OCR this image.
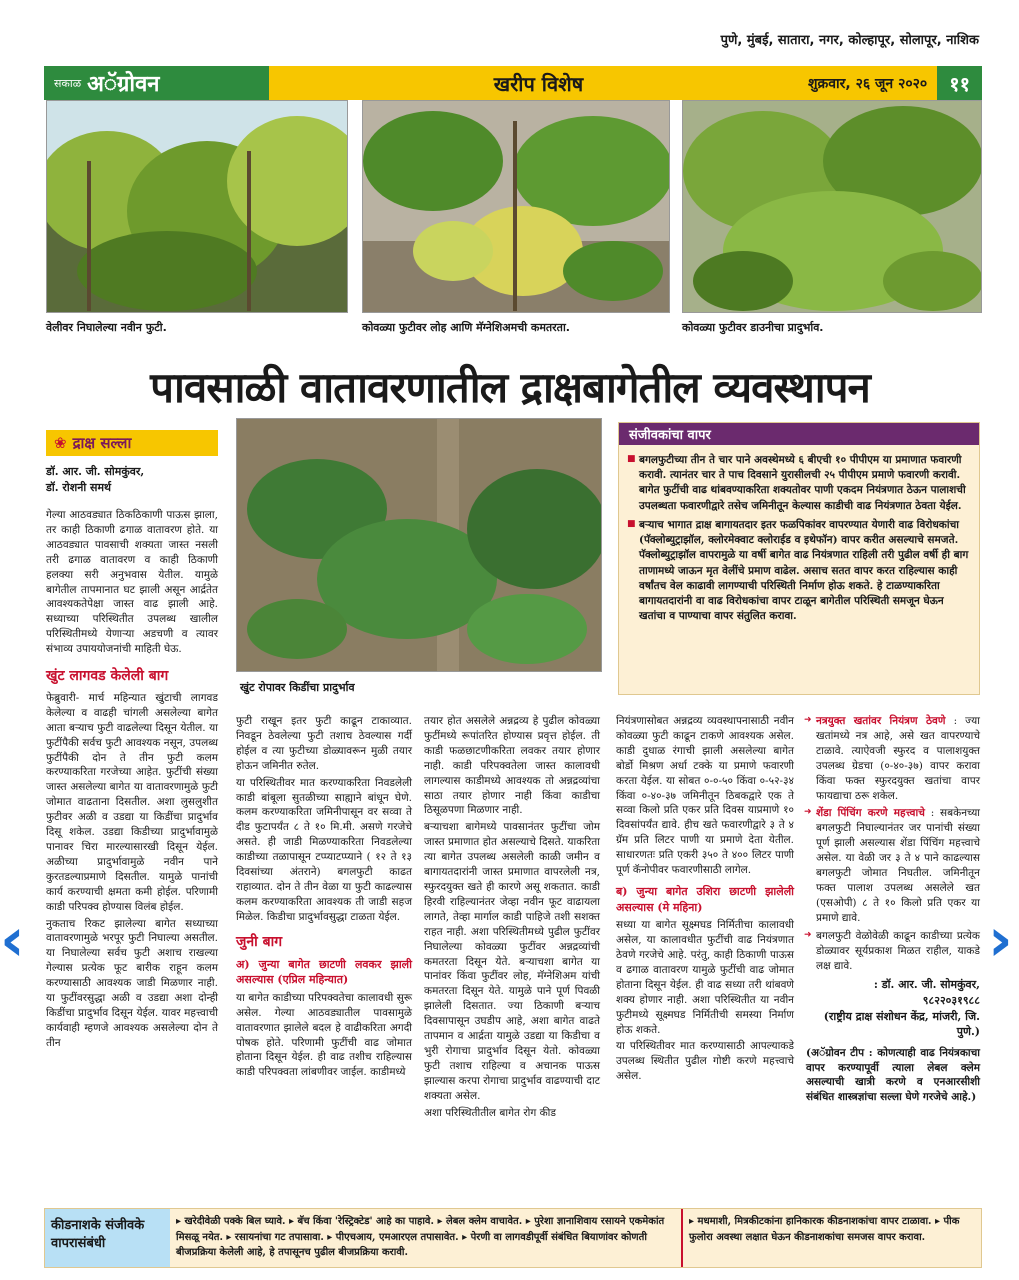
पुणे, मुंबई, सातारा, नगर, कोल्हापूर, सोलापूर, नाशिक
सकाळ अॅग्रोवन	खरीप विशेष	शुक्रवार, २६ जून २०२०	११
वेलीवर निघालेल्या नवीन फुटी.	कोवळ्या फुटीवर लोह आणि मॅग्नेशिअमची कमतरता.	कोवळ्या फुटीवर डाउनीचा प्रादुर्भाव.
पावसाळी वातावरणातील द्राक्षबागेतील व्यवस्थापन
❀ द्राक्ष सल्ला
डॉ. आर. जी. सोमकुंवर,
डॉ. रोशनी समर्थ

गेल्या आठवड्यात ठिकठिकाणी पाऊस झाला, तर काही ठिकाणी ढगाळ वातावरण होते. या आठवड्यात पावसाची शक्यता जास्त नसली तरी ढगाळ वातावरण व काही ठिकाणी हलक्या सरी अनुभवास येतील. यामुळे बागेतील तापमानात घट झाली असून आर्द्रतेत आवश्यकतेपेक्षा जास्त वाढ झाली आहे. सध्याच्या परिस्थितीत उपलब्ध खालील परिस्थितीमध्ये येणाऱ्या अडचणी व त्यावर संभाव्य उपाययोजनांची माहिती घेऊ.

खुंट लागवड केलेली बाग

फेब्रुवारी- मार्च महिन्यात खुंटाची लागवड केलेल्या व वाढही चांगली असलेल्या बागेत आता बऱ्याच फुटी वाढलेल्या दिसून येतील. या फुटींपैकी सर्वच फुटी आवश्यक नसून, उपलब्ध फुटींपैकी दोन ते तीन फुटी कलम करण्याकरिता गरजेच्या आहेत. फुटींची संख्या जास्त असलेल्या बागेत या वातावरणामुळे फुटी जोमात वाढताना दिसतील. अशा लुसलुशीत फुटीवर अळी व उडद्या या किडींचा प्रादुर्भाव दिसू शकेल. उडद्या किडीच्या प्रादुर्भावामुळे पानावर चिरा मारल्यासारखी दिसून येईल. अळीच्या प्रादुर्भावामुळे नवीन पाने कुरतडल्याप्रमाणे दिसतील. यामुळे पानांची कार्य करण्याची क्षमता कमी होईल. परिणामी काडी परिपक्व होण्यास विलंब होईल.

नुकताच रिकट झालेल्या बागेत सध्याच्या वातावरणामुळे भरपूर फुटी निघाल्या असतील. या निघालेल्या सर्वच फुटी अशाच राखल्या गेल्यास प्रत्येक फूट बारीक राहून कलम करण्यासाठी आवश्यक जाडी मिळणार नाही. या फुटींवरसुद्धा अळी व उडद्या अशा दोन्ही किडींचा प्रादुर्भाव दिसून येईल. यावर महत्त्वाची कार्यवाही म्हणजे आवश्यक असलेल्या दोन ते तीन

खुंट रोपावर किडींचा प्रादुर्भाव

फुटी राखून इतर फुटी काढून टाकाव्यात. निवडून ठेवलेल्या फुटी तशाच ठेवल्यास गर्दी होईल व त्या फुटीच्या डोळ्यावरून मुळी तयार होऊन जमिनीत रुतेल.

या परिस्थितीवर मात करण्याकरिता निवडलेली काडी बांबूला सुतळीच्या साह्याने बांधून घेणे. कलम करण्याकरिता जमिनीपासून वर सव्वा ते दीड फुटापर्यंत ८ ते १० मि.मी. असणे गरजेचे असते. ही जाडी मिळण्याकरिता निवडलेल्या काडीच्या तळापासून टप्प्याटप्प्याने ( १२ ते १३ दिवसांच्या अंतराने) बगलफुटी काढत राहाव्यात. दोन ते तीन वेळा या फुटी काढल्यास कलम करण्याकरिता आवश्यक ती जाडी सहज मिळेल. किडीचा प्रादुर्भावसुद्धा टाळता येईल.

जुनी बाग
अ) जुन्या बागेत छाटणी लवकर झाली असल्यास (एप्रिल महिन्यात)

या बागेत काडीच्या परिपक्वतेचा कालावधी सुरू असेल. गेल्या आठवड्यातील पावसामुळे वातावरणात झालेले बदल हे वाढीकरिता अगदी पोषक होते. परिणामी फुटींची वाढ जोमात होताना दिसून येईल. ही वाढ तशीच राहिल्यास काडी परिपक्वता लांबणीवर जाईल. काडीमध्ये

तयार होत असलेले अन्नद्रव्य हे पुढील कोवळ्या फुटींमध्ये रूपांतरित होण्यास प्रवृत्त होईल. ती काडी फळछाटणीकरिता लवकर तयार होणार नाही. काडी परिपक्वतेला जास्त कालावधी लागल्यास काडीमध्ये आवश्यक तो अन्नद्रव्यांचा साठा तयार होणार नाही किंवा काडीचा ठिसूळपणा मिळणार नाही.

बऱ्याचशा बागेमध्ये पावसानंतर फुटींचा जोम जास्त प्रमाणात होत असल्याचे दिसते. याकरिता त्या बागेत उपलब्ध असलेली काळी जमीन व बागायतदारांनी जास्त प्रमाणात वापरलेली नत्र, स्फुरदयुक्त खते ही कारणे असू शकतात. काडी हिरवी राहिल्यानंतर जेव्हा नवीन फूट वाढायला लागते, तेव्हा मार्गाल काडी पाहिजे तशी सशक्त राहत नाही. अशा परिस्थितीमध्ये पुढील फुटींवर निघालेल्या कोवळ्या फुटींवर अन्नद्रव्यांची कमतरता दिसून येते. बऱ्याचशा बागेत या पानांवर किंवा फुटींवर लोह, मॅग्नेशिअम यांची कमतरता दिसून येते. यामुळे पाने पूर्ण पिवळी झालेली दिसतात. ज्या ठिकाणी बऱ्याच दिवसापासून उघडीप आहे, अशा बागेत वाढते तापमान व आर्द्रता यामुळे उडद्या या किडीचा व भुरी रोगाचा प्रादुर्भाव दिसून येतो. कोवळ्या फुटी तशाच राहिल्या व अचानक पाऊस झाल्यास करपा रोगाचा प्रादुर्भाव वाढण्याची दाट शक्यता असेल.

अशा परिस्थितीतील बागेत रोग कीड

संजीवकांचा वापर
■ बगलफुटीच्या तीन ते चार पाने अवस्थेमध्ये ६ बीएची १० पीपीएम या प्रमाणात फवारणी करावी. त्यानंतर चार ते पाच दिवसाने युरासीलची २५ पीपीएम प्रमाणे फवारणी करावी. बागेत फुटींची वाढ थांबवण्याकरिता शक्यतोवर पाणी एकदम नियंत्रणात ठेऊन पालाशची उपलब्धता फवारणीद्वारे तसेच जमिनीतून केल्यास काडीची वाढ नियंत्रणात ठेवता येईल.
■ बऱ्याच भागात द्राक्ष बागायतदार इतर फळपिकांवर वापरण्यात येणारी वाढ विरोधकांचा (पॅक्लोब्युट्राझॉल, क्लोरमेक्वाट क्लोराईड व इथेफॉन) वापर करीत असल्याचे समजते. पॅक्लोब्युट्राझॉल वापरामुळे या वर्षी बागेत वाढ नियंत्रणात राहिली तरी पुढील वर्षी ही बाग ताणामध्ये जाऊन मृत वेलींचे प्रमाण वाढेल. असाच सतत वापर करत राहिल्यास काही वर्षांतच वेल काढावी लागण्याची परिस्थिती निर्माण होऊ शकते. हे टाळण्याकरिता बागायतदारांनी वा वाढ विरोधकांचा वापर टाळून बागेतील परिस्थिती समजून घेऊन खतांचा व पाण्याचा वापर संतुलित करावा.

नियंत्रणासोबत अन्नद्रव्य व्यवस्थापनासाठी नवीन कोवळ्या फुटी काढून टाकणे आवश्यक असेल. काडी दुधाळ रंगाची झाली असलेल्या बागेत बोर्डो मिश्रण अर्धा टक्के या प्रमाणे फवारणी करता येईल. या सोबत ०-०-५० किंवा ०-५२-३४ किंवा ०-४०-३७ जमिनीतून ठिबकद्वारे एक ते सव्वा किलो प्रति एकर प्रति दिवस याप्रमाणे १० दिवसांपर्यंत द्यावे. हीच खते फवारणीद्वारे ३ ते ४ ग्रॅम प्रति लिटर पाणी या प्रमाणे देता येतील. साधारणतः प्रति एकरी ३५० ते ४०० लिटर पाणी पूर्ण कॅनोपीवर फवारणीसाठी लागेल.

ब) जुन्या बागेत उशिरा छाटणी झालेली असल्यास (मे महिना)

सध्या या बागेत सूक्ष्मघड निर्मितीचा कालावधी असेल, या कालावधीत फुटींची वाढ नियंत्रणात ठेवणे गरजेचे आहे. परंतु, काही ठिकाणी पाऊस व ढगाळ वातावरण यामुळे फुटींची वाढ जोमात होताना दिसून येईल. ही वाढ सध्या तरी थांबवणे शक्य होणार नाही. अशा परिस्थितीत या नवीन फुटीमध्ये सूक्ष्मघड निर्मितीची समस्या निर्माण होऊ शकते.

या परिस्थितीवर मात करण्यासाठी आपल्याकडे उपलब्ध स्थितीत पुढील गोष्टी करणे महत्त्वाचे असेल.

➜ नत्रयुक्त खतांवर नियंत्रण ठेवणे : ज्या खतांमध्ये नत्र आहे, असे खत वापरण्याचे टाळावे. त्याऐवजी स्फुरद व पालाशयुक्त उपलब्ध ग्रेडचा (०-४०-३७) वापर करावा किंवा फक्त स्फुरदयुक्त खतांचा वापर फायद्याचा ठरू शकेल.
➜ शेंडा पिंचिंग करणे महत्त्वाचे : सबकेनच्या बगलफुटी निघाल्यानंतर जर पानांची संख्या पूर्ण झाली असल्यास शेंडा पिंचिंग महत्त्वाचे असेल. या वेळी जर ३ ते ४ पाने काढल्यास बगलफुटी जोमात निघतील. जमिनीतून फक्त पालाश उपलब्ध असलेले खत (एसओपी) ८ ते १० किलो प्रति एकर या प्रमाणे द्यावे.
➜ बगलफुटी वेळोवेळी काढून काडीच्या प्रत्येक डोळ्यावर सूर्यप्रकाश मिळत राहील, याकडे लक्ष द्यावे.
: डॉ. आर. जी. सोमकुंवर,
९८२२०३१९८८
(राष्ट्रीय द्राक्ष संशोधन केंद्र, मांजरी, जि. पुणे.)

(अॅग्रोवन टीप : कोणत्याही वाढ नियंत्रकाचा वापर करण्यापूर्वी त्याला लेबल क्लेम असल्याची खात्री करणे व एनआरसीशी संबंधित शास्त्रज्ञांचा सल्ला घेणे गरजेचे आहे.)

‹	›
कीडनाशके संजीवके वापरासंबंधी
▸ खरेदीवेळी पक्के बिल घ्यावे. ▸ बॅच किंवा 'रेस्ट्रिक्टेड' आहे का पाहावे. ▸ लेबल क्लेम वाचावेत. ▸ पुरेशा ज्ञानाशिवाय रसायने एकमेकांत मिसळू नयेत. ▸ रसायनांचा गट तपासावा. ▸ पीएचआय, एमआरएल तपासावेत. ▸ पेरणी वा लागवडीपूर्वी संबंधित बियाणांवर कोणती बीजप्रक्रिया केलेली आहे, हे तपासूनच पुढील बीजप्रक्रिया करावी.
▸ मधमाशी, मित्रकीटकांना हानिकारक कीडनाशकांचा वापर टाळावा. ▸ पीक फुलोरा अवस्था लक्षात घेऊन कीडनाशकांचा समजस वापर करावा.
